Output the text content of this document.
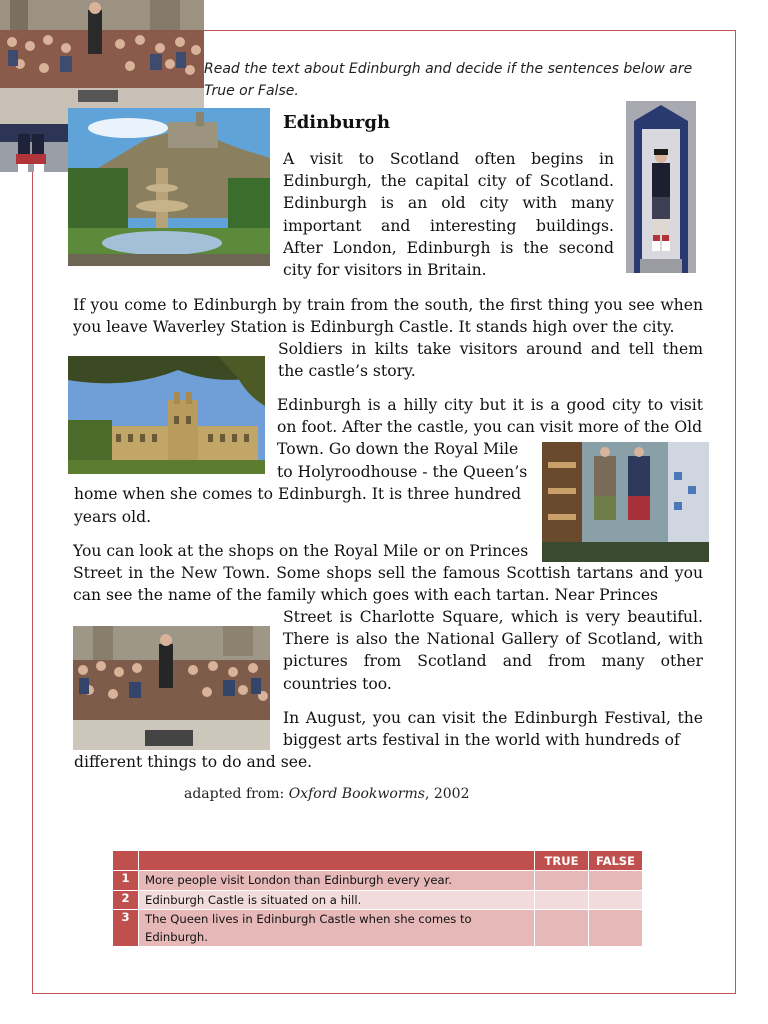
Read the text about Edinburgh and decide if the sentences below are True or False.

Edinburgh

A visit to Scotland often begins in Edinburgh, the capital city of Scotland. Edinburgh is an old city with many important and interesting buildings. After London, Edinburgh is the second city for visitors in Britain.

If you come to Edinburgh by train from the south, the first thing you see when you leave Waverley Station is Edinburgh Castle. It stands high over the city.

Soldiers in kilts take visitors around and tell them the castle’s story.

Edinburgh is a hilly city but it is a good city to visit on foot. After the castle, you can visit more of the Old

Town. Go down the Royal Mile

to Holyroodhouse - the Queen’s

home when she comes to Edinburgh. It is three hundred

years old.

You can look at the shops on the Royal Mile or on Princes

Street in the New Town. Some shops sell the famous Scottish tartans and you can see the name of the family which goes with each tartan. Near Princes

Street is Charlotte Square, which is very beautiful. There is also the National Gallery of Scotland, with pictures from Scotland and from many other countries too.

In August, you can visit the Edinburgh Festival, the biggest arts festival in the world with hundreds of

different things to do and see.

adapted from: Oxford Bookworms, 2002

		TRUE	FALSE
1	More people visit London than Edinburgh every year.		
2	Edinburgh Castle is situated on a hill.		
3	The Queen lives in Edinburgh Castle when she comes to Edinburgh.		
